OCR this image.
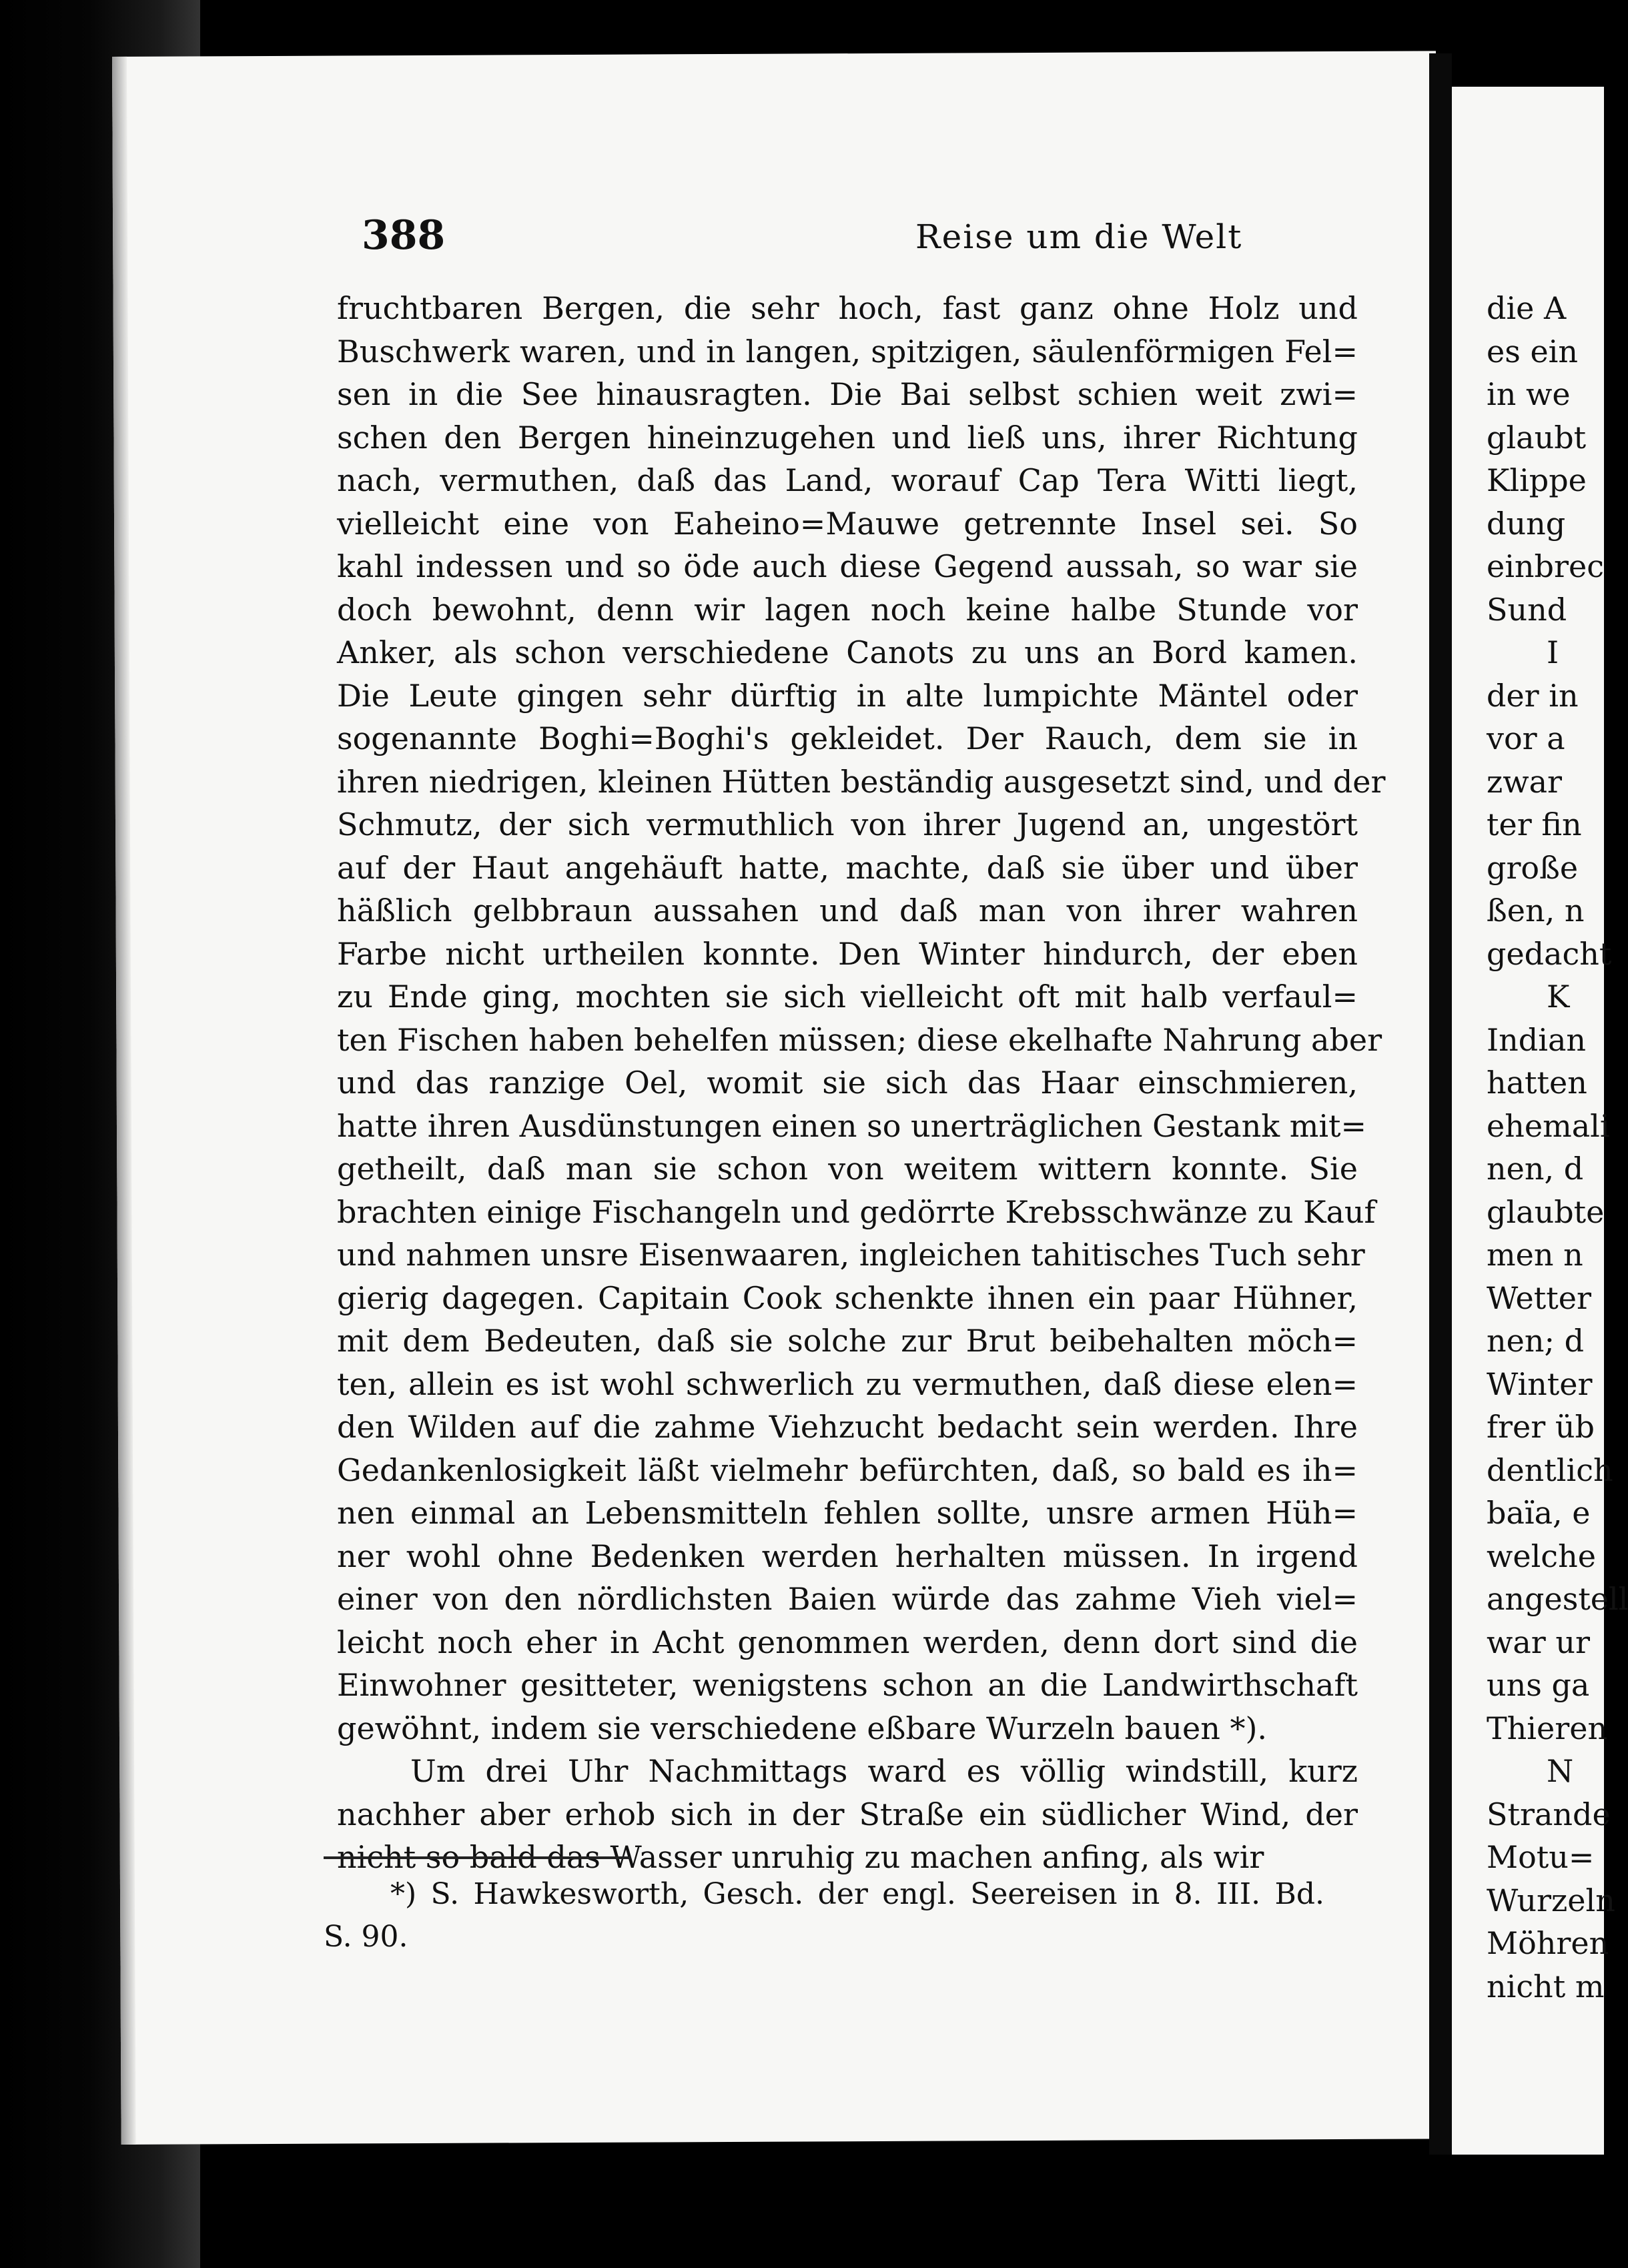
388	Reise um die Welt
fruchtbaren Bergen, die sehr hoch, fast ganz ohne Holz und
Buschwerk waren, und in langen, spitzigen, säulenförmigen Fel=
sen in die See hinausragten. Die Bai selbst schien weit zwi=
schen den Bergen hineinzugehen und ließ uns, ihrer Richtung
nach, vermuthen, daß das Land, worauf Cap Tera Witti liegt,
vielleicht eine von Eaheino=Mauwe getrennte Insel sei. So
kahl indessen und so öde auch diese Gegend aussah, so war sie
doch bewohnt, denn wir lagen noch keine halbe Stunde vor
Anker, als schon verschiedene Canots zu uns an Bord kamen.
Die Leute gingen sehr dürftig in alte lumpichte Mäntel oder
sogenannte Boghi=Boghi's gekleidet. Der Rauch, dem sie in
ihren niedrigen, kleinen Hütten beständig ausgesetzt sind, und der
Schmutz, der sich vermuthlich von ihrer Jugend an, ungestört
auf der Haut angehäuft hatte, machte, daß sie über und über
häßlich gelbbraun aussahen und daß man von ihrer wahren
Farbe nicht urtheilen konnte. Den Winter hindurch, der eben
zu Ende ging, mochten sie sich vielleicht oft mit halb verfaul=
ten Fischen haben behelfen müssen; diese ekelhafte Nahrung aber
und das ranzige Oel, womit sie sich das Haar einschmieren,
hatte ihren Ausdünstungen einen so unerträglichen Gestank mit=
getheilt, daß man sie schon von weitem wittern konnte. Sie
brachten einige Fischangeln und gedörrte Krebsschwänze zu Kauf
und nahmen unsre Eisenwaaren, ingleichen tahitisches Tuch sehr
gierig dagegen. Capitain Cook schenkte ihnen ein paar Hühner,
mit dem Bedeuten, daß sie solche zur Brut beibehalten möch=
ten, allein es ist wohl schwerlich zu vermuthen, daß diese elen=
den Wilden auf die zahme Viehzucht bedacht sein werden. Ihre
Gedankenlosigkeit läßt vielmehr befürchten, daß, so bald es ih=
nen einmal an Lebensmitteln fehlen sollte, unsre armen Hüh=
ner wohl ohne Bedenken werden herhalten müssen. In irgend
einer von den nördlichsten Baien würde das zahme Vieh viel=
leicht noch eher in Acht genommen werden, denn dort sind die
Einwohner gesitteter, wenigstens schon an die Landwirthschaft
gewöhnt, indem sie verschiedene eßbare Wurzeln bauen *).
Um drei Uhr Nachmittags ward es völlig windstill, kurz
nachher aber erhob sich in der Straße ein südlicher Wind, der
nicht so bald das Wasser unruhig zu machen anfing, als wir
*) S. Hawkesworth, Gesch. der engl. Seereisen in 8. III. Bd.
S. 90.
die A
es ein
in we
glaubt
Klippe
dung
einbrec
Sund
I
der in
vor a
zwar
ter fin
große
ßen, n
gedacht
K
Indian
hatten
ehemali
nen, d
glaubte
men n
Wetter
nen; d
Winter
frer üb
dentlich
baïa, e
welche
angestell
war ur
uns ga
Thieren
N
Strande
Motu=
Wurzeln
Möhren
nicht m
